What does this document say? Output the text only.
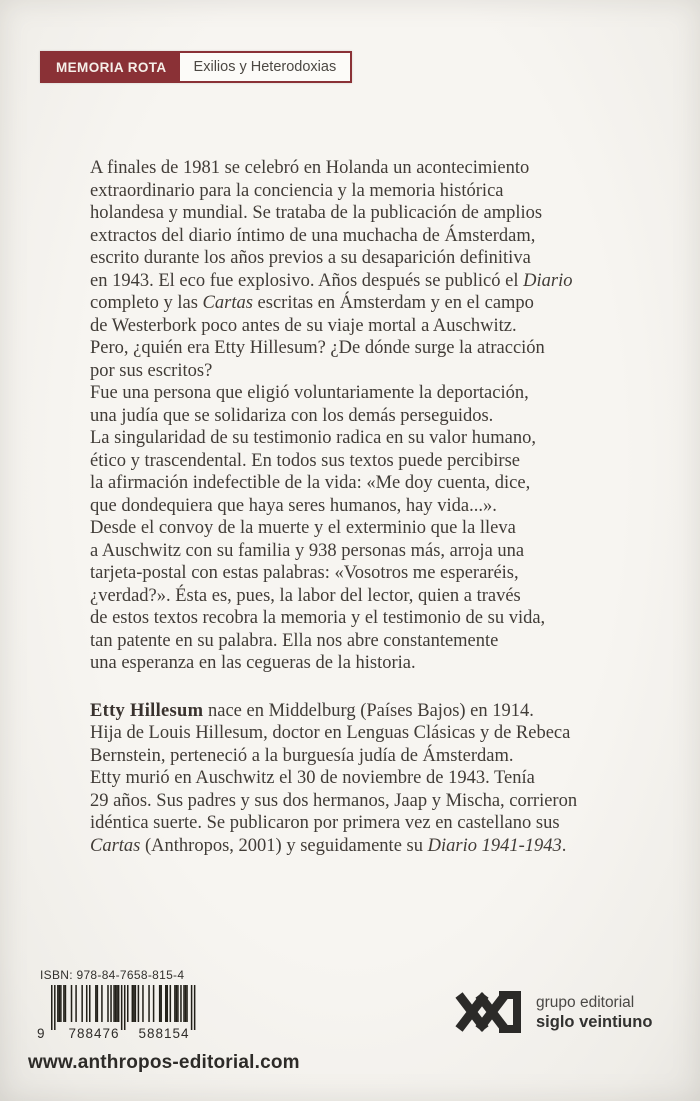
MEMORIA ROTA	Exilios y Heterodoxias
A finales de 1981 se celebró en Holanda un acontecimiento
extraordinario para la conciencia y la memoria histórica
holandesa y mundial. Se trataba de la publicación de amplios
extractos del diario íntimo de una muchacha de Ámsterdam,
escrito durante los años previos a su desaparición definitiva
en 1943. El eco fue explosivo. Años después se publicó el Diario
completo y las Cartas escritas en Ámsterdam y en el campo
de Westerbork poco antes de su viaje mortal a Auschwitz.
Pero, ¿quién era Etty Hillesum? ¿De dónde surge la atracción
por sus escritos?
Fue una persona que eligió voluntariamente la deportación,
una judía que se solidariza con los demás perseguidos.
La singularidad de su testimonio radica en su valor humano,
ético y trascendental. En todos sus textos puede percibirse
la afirmación indefectible de la vida: «Me doy cuenta, dice,
que dondequiera que haya seres humanos, hay vida...».
Desde el convoy de la muerte y el exterminio que la lleva
a Auschwitz con su familia y 938 personas más, arroja una
tarjeta-postal con estas palabras: «Vosotros me esperaréis,
¿verdad?». Ésta es, pues, la labor del lector, quien a través
de estos textos recobra la memoria y el testimonio de su vida,
tan patente en su palabra. Ella nos abre constantemente
una esperanza en las cegueras de la historia.
Etty Hillesum nace en Middelburg (Países Bajos) en 1914.
Hija de Louis Hillesum, doctor en Lenguas Clásicas y de Rebeca
Bernstein, perteneció a la burguesía judía de Ámsterdam.
Etty murió en Auschwitz el 30 de noviembre de 1943. Tenía
29 años. Sus padres y sus dos hermanos, Jaap y Mischa, corrieron
idéntica suerte. Se publicaron por primera vez en castellano sus
Cartas (Anthropos, 2001) y seguidamente su Diario 1941-1943.
ISBN: 978-84-7658-815-4
9	788476	588154
grupo editorial
siglo veintiuno
www.anthropos-editorial.com
